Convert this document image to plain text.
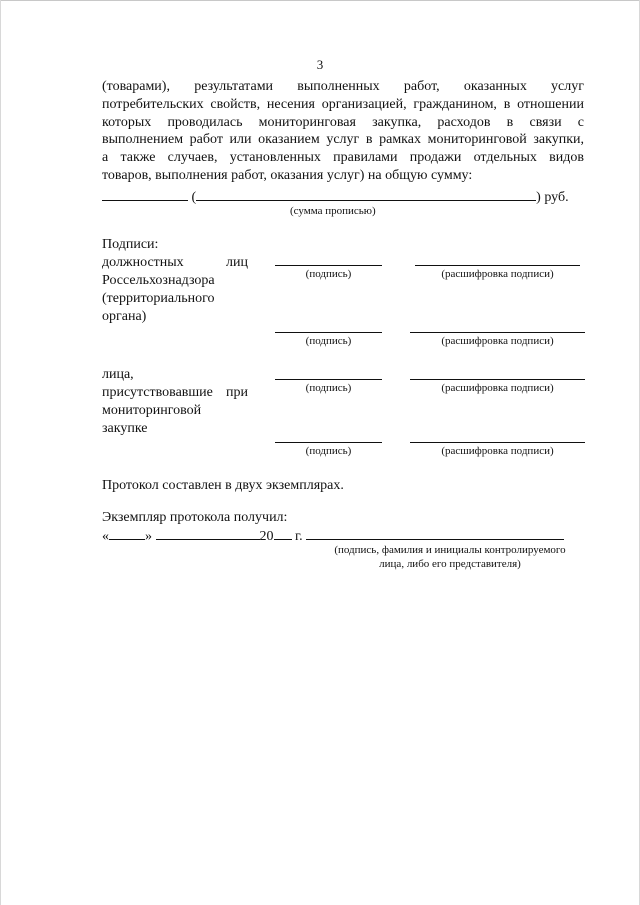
3
(товарами), результатами выполненных работ, оказанных услуг
потребительских свойств, несения организацией, гражданином, в отношении
которых проводилась мониторинговая закупка, расходов в связи с
выполнением работ или оказанием услуг в рамках мониторинговой закупки,
а также случаев, установленных правилами продажи отдельных видов
товаров, выполнения работ, оказания услуг) на общую сумму:
(	) руб.
(сумма прописью)
Подписи:
должностных	лиц
Россельхознадзора
(территориального
органа)
(подпись)	(расшифровка подписи)
(подпись)	(расшифровка подписи)
лица,
присутствовавшие при
мониторинговой
закупке
(подпись)	(расшифровка подписи)
(подпись)	(расшифровка подписи)
Протокол составлен в двух экземплярах.
Экземпляр протокола получил:
«	»	20 г.
(подпись, фамилия и инициалы контролируемого
лица, либо его представителя)
